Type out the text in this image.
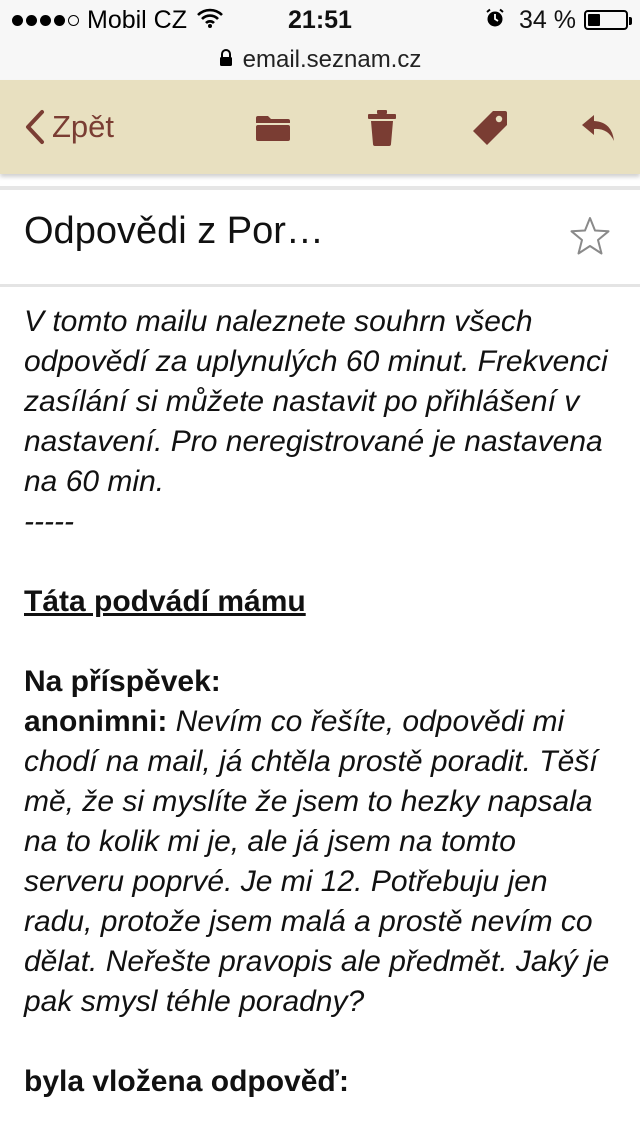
Mobil CZ	21:51	34 %
email.seznam.cz
Zpět
Odpovědi z Por…

V tomto mailu naleznete souhrn všech odpovědí za uplynulých 60 minut. Frekvenci zasílání si můžete nastavit po přihlášení v nastavení. Pro neregistrované je nastavena na 60 min.

-----

Táta podvádí mámu

Na příspěvek:

anonimni: Nevím co řešíte, odpovědi mi chodí na mail, já chtěla prostě poradit. Těší mě, že si myslíte že jsem to hezky napsala na to kolik mi je, ale já jsem na tomto serveru poprvé. Je mi 12. Potřebuju jen radu, protože jsem malá a prostě nevím co dělat. Neřešte pravopis ale předmět. Jaký je pak smysl téhle poradny?

byla vložena odpověď:
